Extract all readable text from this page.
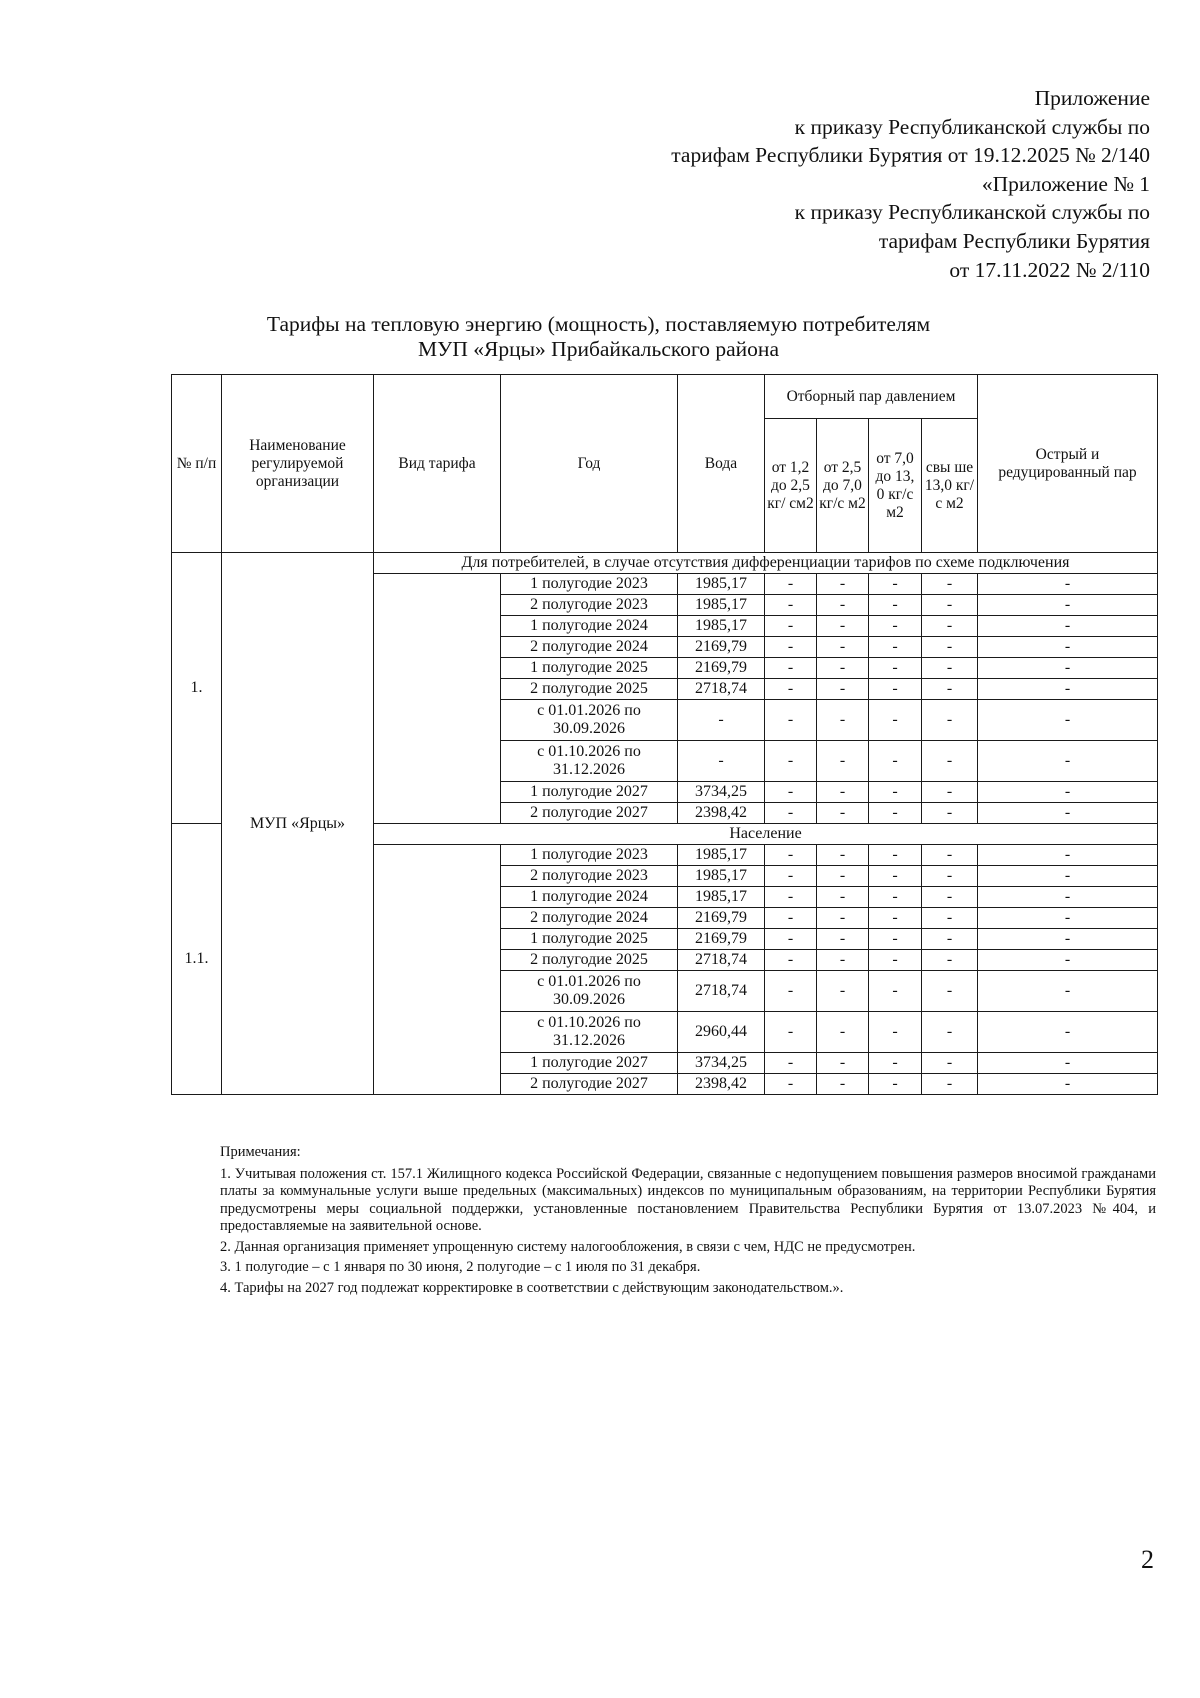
Приложение
к приказу Республиканской службы по
тарифам Республики Бурятия от 19.12.2025 № 2/140
«Приложение № 1
к приказу Республиканской службы по
тарифам Республики Бурятия
от 17.11.2022 № 2/110
Тарифы на тепловую энергию (мощность), поставляемую потребителям
МУП «Ярцы» Прибайкальского района
№ п/п	Наименование регулируемой организации	Вид тарифа	Год	Вода	Отборный пар давлением				Острый и редуцированный пар
					от 1,2 до 2,5 кг/ см2	от 2,5 до 7,0 кг/с м2	от 7,0 до 13, 0 кг/с м2	свы ше 13,0 кг/с м2	
1.	МУП «Ярцы»	Для потребителей, в случае отсутствия дифференциации тарифов по схеме подключения							
			1 полугодие 2023	1985,17	-	-	-	-	-
			2 полугодие 2023	1985,17	-	-	-	-	-
			1 полугодие 2024	1985,17	-	-	-	-	-
			2 полугодие 2024	2169,79	-	-	-	-	-
			1 полугодие 2025	2169,79	-	-	-	-	-
			2 полугодие 2025	2718,74	-	-	-	-	-
			с 01.01.2026 по 30.09.2026	-	-	-	-	-	-
			с 01.10.2026 по 31.12.2026	-	-	-	-	-	-
			1 полугодие 2027	3734,25	-	-	-	-	-
			2 полугодие 2027	2398,42	-	-	-	-	-
1.1.		Население							
			1 полугодие 2023	1985,17	-	-	-	-	-
			2 полугодие 2023	1985,17	-	-	-	-	-
			1 полугодие 2024	1985,17	-	-	-	-	-
			2 полугодие 2024	2169,79	-	-	-	-	-
			1 полугодие 2025	2169,79	-	-	-	-	-
			2 полугодие 2025	2718,74	-	-	-	-	-
			с 01.01.2026 по 30.09.2026	2718,74	-	-	-	-	-
			с 01.10.2026 по 31.12.2026	2960,44	-	-	-	-	-
			1 полугодие 2027	3734,25	-	-	-	-	-
			2 полугодие 2027	2398,42	-	-	-	-	-

Примечания:

1. Учитывая положения ст. 157.1 Жилищного кодекса Российской Федерации, связанные с недопущением повышения размеров вносимой гражданами платы за коммунальные услуги выше предельных (максимальных) индексов по муниципальным образованиям, на территории Республики Бурятия предусмотрены меры социальной поддержки, установленные постановлением Правительства Республики Бурятия от 13.07.2023 №404, и предоставляемые на заявительной основе.

2. Данная организация применяет упрощенную систему налогообложения, в связи с чем, НДС не предусмотрен.

3. 1 полугодие – с 1 января по 30 июня, 2 полугодие – с 1 июля по 31 декабря.

4. Тарифы на 2027 год подлежат корректировке в соответствии с действующим законодательством.».

2
